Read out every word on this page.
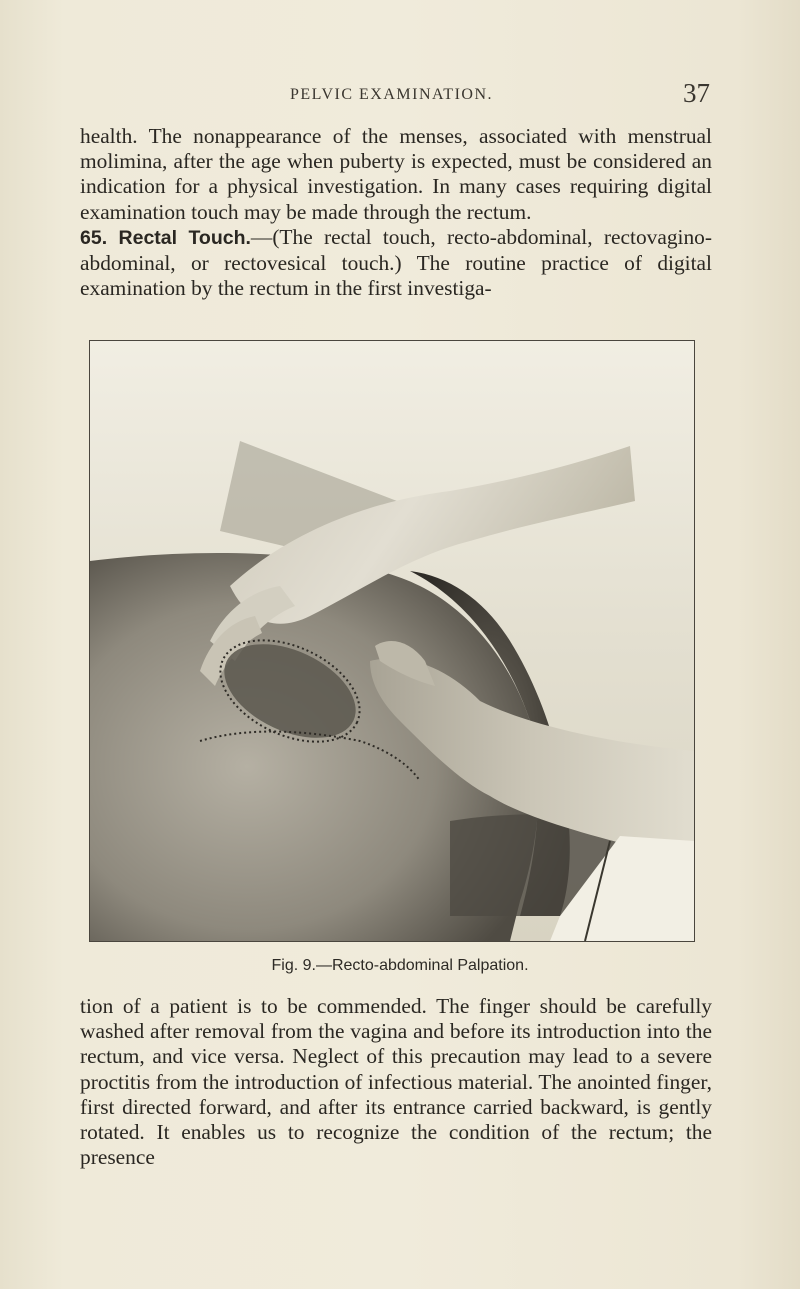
PELVIC EXAMINATION.	37

health. The nonappearance of the menses, associated with menstrual molimina, after the age when puberty is expected, must be considered an indication for a physical investigation. In many cases requiring digital examination touch may be made through the rectum.

65. Rectal Touch.—(The rectal touch, recto-abdominal, rectovagino-abdominal, or rectovesical touch.) The routine practice of digital examination by the rectum in the first investiga-

Fig. 9.—Recto-abdominal Palpation.

tion of a patient is to be commended. The finger should be carefully washed after removal from the vagina and before its introduction into the rectum, and vice versa. Neglect of this precaution may lead to a severe proctitis from the introduction of infectious material. The anointed finger, first directed forward, and after its entrance carried backward, is gently rotated. It enables us to recognize the condition of the rectum; the presence
